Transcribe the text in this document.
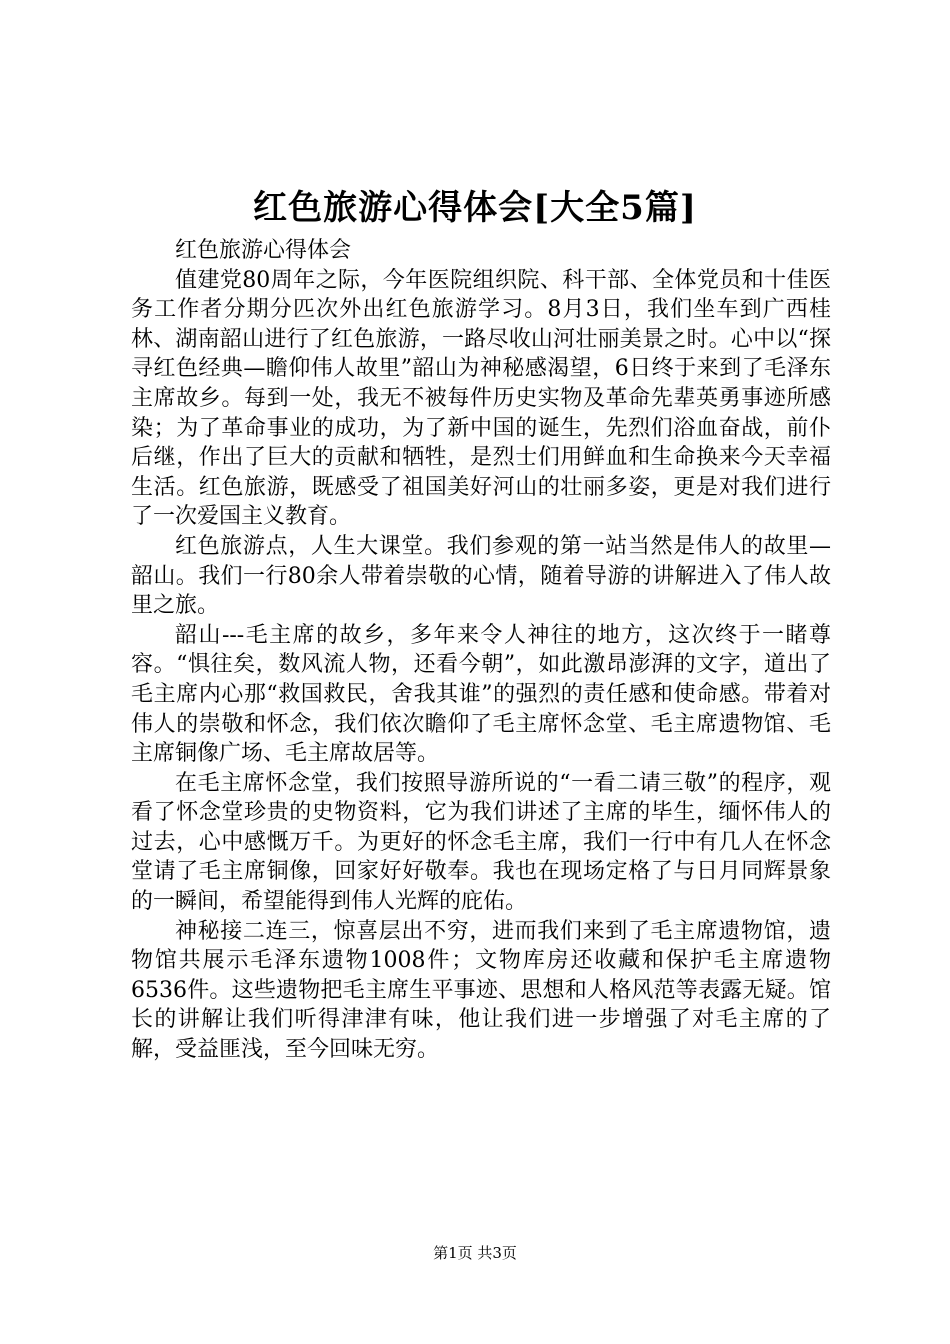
红色旅游心得体会[大全5篇]

红色旅游心得体会

值建党80周年之际，今年医院组织院、科干部、全体党员和十佳医务工作者分期分匹次外出红色旅游学习。8月3日，我们坐车到广西桂林、湖南韶山进行了红色旅游，一路尽收山河壮丽美景之时。心中以“探寻红色经典—瞻仰伟人故里”韶山为神秘感渴望，6日终于来到了毛泽东主席故乡。每到一处，我无不被每件历史实物及革命先辈英勇事迹所感染；为了革命事业的成功，为了新中国的诞生，先烈们浴血奋战，前仆后继，作出了巨大的贡献和牺牲，是烈士们用鲜血和生命换来今天幸福生活。红色旅游，既感受了祖国美好河山的壮丽多姿，更是对我们进行了一次爱国主义教育。

红色旅游点，人生大课堂。我们参观的第一站当然是伟人的故里—韶山。我们一行80余人带着崇敬的心情，随着导游的讲解进入了伟人故里之旅。

韶山---毛主席的故乡，多年来令人神往的地方，这次终于一睹尊容。“惧往矣，数风流人物，还看今朝”，如此激昂澎湃的文字，道出了毛主席内心那“救国救民，舍我其谁”的强烈的责任感和使命感。带着对伟人的崇敬和怀念，我们依次瞻仰了毛主席怀念堂、毛主席遗物馆、毛主席铜像广场、毛主席故居等。

在毛主席怀念堂，我们按照导游所说的“一看二请三敬”的程序，观看了怀念堂珍贵的史物资料，它为我们讲述了主席的毕生，缅怀伟人的过去，心中感慨万千。为更好的怀念毛主席，我们一行中有几人在怀念堂请了毛主席铜像，回家好好敬奉。我也在现场定格了与日月同辉景象的一瞬间，希望能得到伟人光辉的庇佑。

神秘接二连三，惊喜层出不穷，进而我们来到了毛主席遗物馆，遗物馆共展示毛泽东遗物1008件；文物库房还收藏和保护毛主席遗物6536件。这些遗物把毛主席生平事迹、思想和人格风范等表露无疑。馆长的讲解让我们听得津津有味，他让我们进一步增强了对毛主席的了解，受益匪浅，至今回味无穷。

第1页 共3页
